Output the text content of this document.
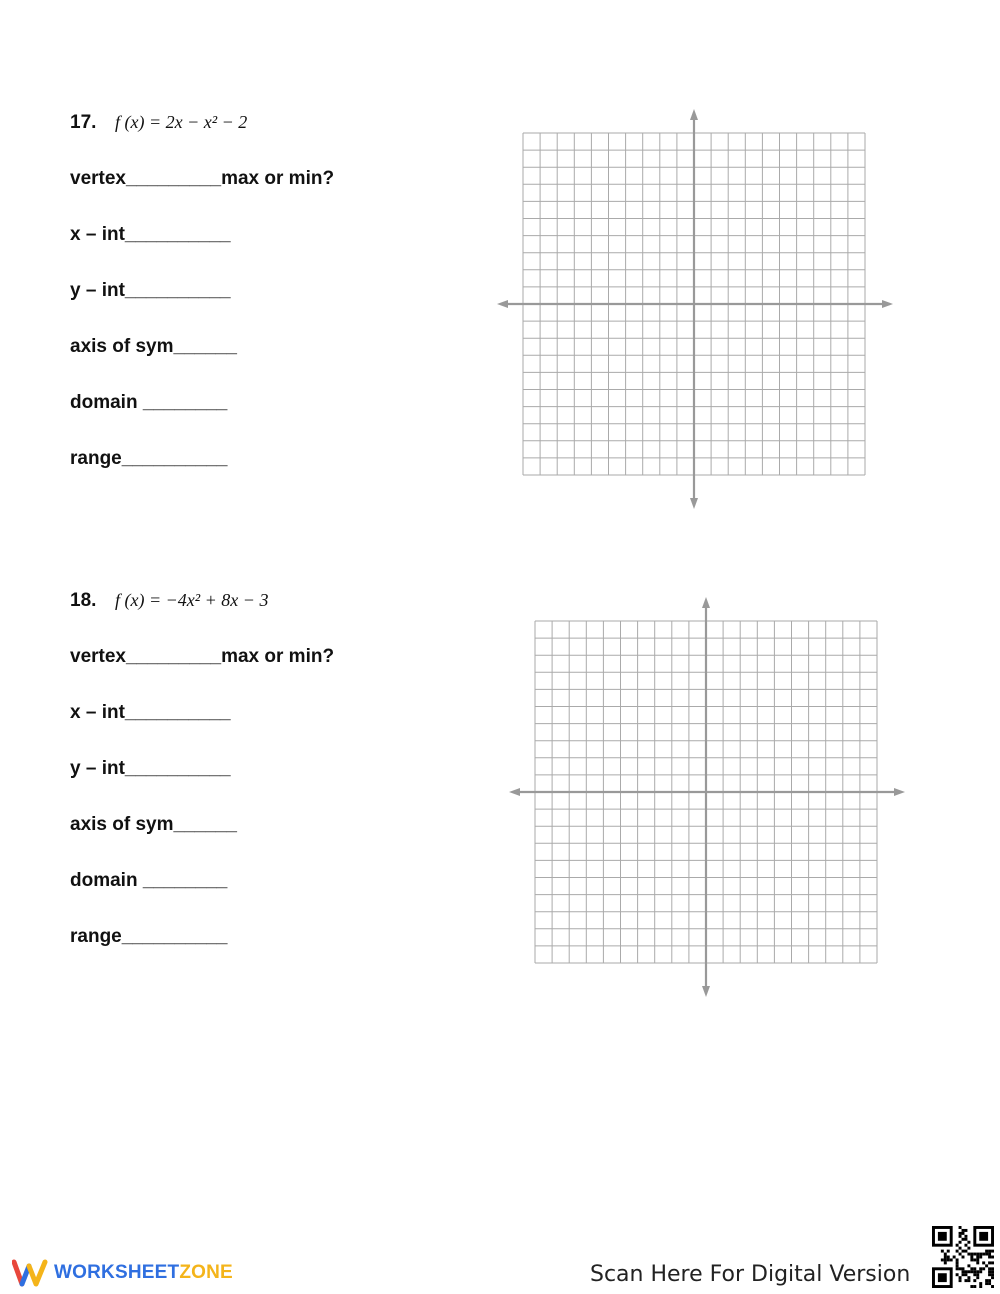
17.	f (x) = 2x − x² − 2
vertex_________max or min?
x – int__________
y – int__________
axis of sym______
domain ________
range__________
18.	f (x) = −4x² + 8x − 3
vertex_________max or min?
x – int__________
y – int__________
axis of sym______
domain ________
range__________
WORKSHEETZONE	Scan Here For Digital Version
